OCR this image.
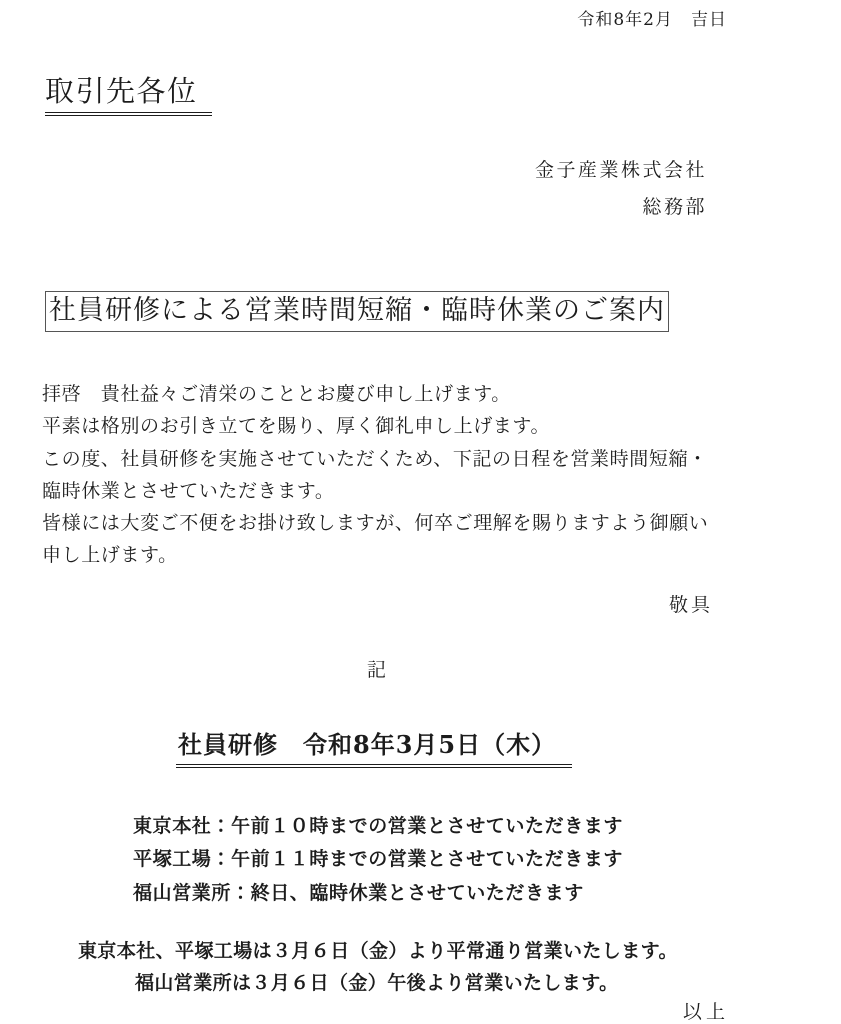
令和8年2月　吉日
取引先各位
金子産業株式会社
総務部
社員研修による営業時間短縮・臨時休業のご案内
拝啓　貴社益々ご清栄のこととお慶び申し上げます。
平素は格別のお引き立てを賜り、厚く御礼申し上げます。
この度、社員研修を実施させていただくため、下記の日程を営業時間短縮・
臨時休業とさせていただきます。
皆様には大変ご不便をお掛け致しますが、何卒ご理解を賜りますよう御願い
申し上げます。
敬具
記
社員研修　令和8年3月5日（木）
東京本社：午前１０時までの営業とさせていただきます
平塚工場：午前１１時までの営業とさせていただきます
福山営業所：終日、臨時休業とさせていただきます
東京本社、平塚工場は３月６日（金）より平常通り営業いたします。
福山営業所は３月６日（金）午後より営業いたします。
以上
